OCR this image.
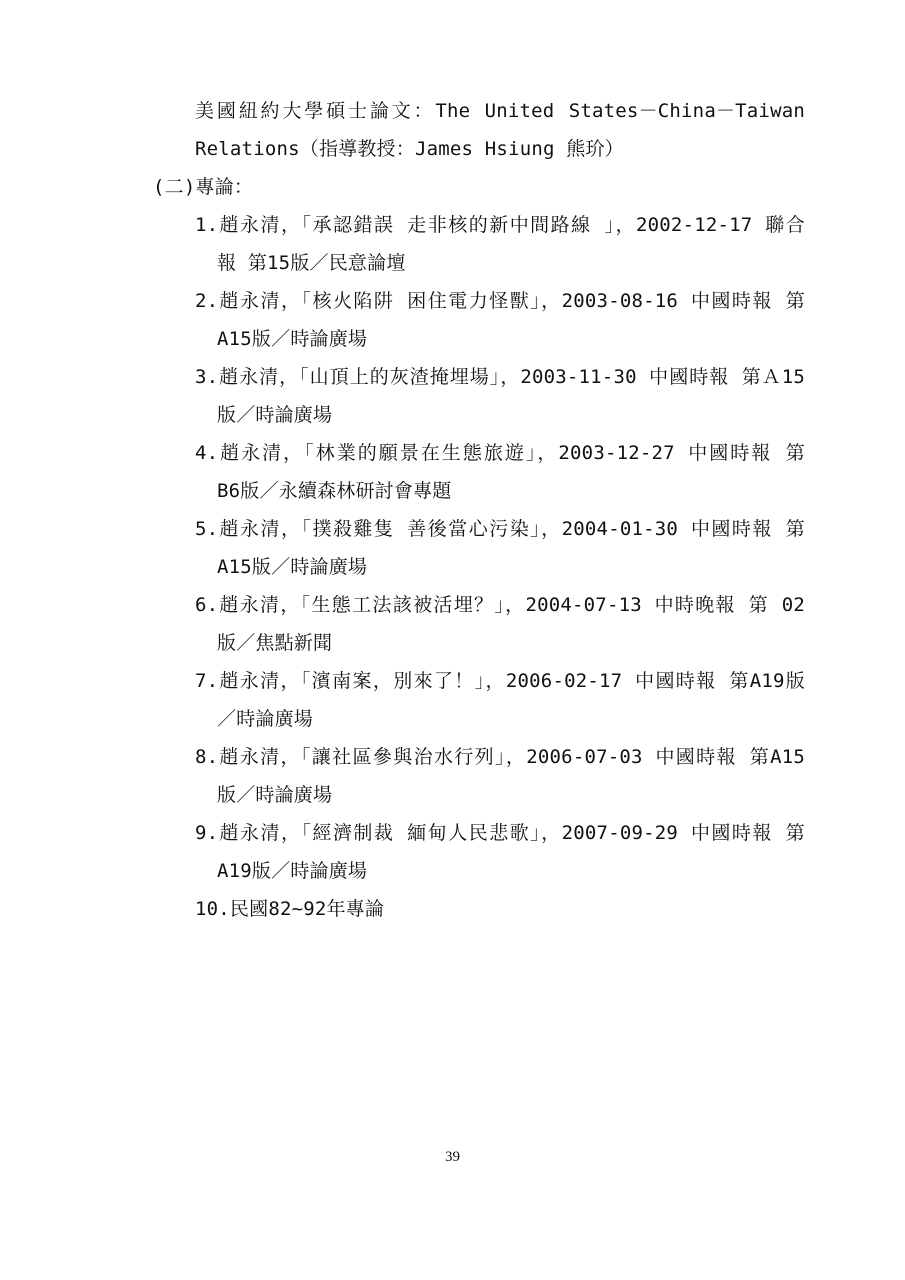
美國紐約大學碩士論文：The United States－China－Taiwan
Relations（指導教授：James Hsiung 熊玠）
(二)專論：
1.趙永清，「承認錯誤 走非核的新中間路線 」，2002-12-17 聯合
報 第15版／民意論壇
2.趙永清，「核火陷阱 困住電力怪獸」，2003-08-16 中國時報 第
A15版／時論廣場
3.趙永清，「山頂上的灰渣掩埋場」，2003-11-30 中國時報 第Ａ15
版／時論廣場
4.趙永清，「林業的願景在生態旅遊」，2003-12-27 中國時報 第
B6版／永續森林研討會專題
5.趙永清，「撲殺雞隻 善後當心污染」，2004-01-30 中國時報 第
A15版／時論廣場
6.趙永清，「生態工法該被活埋？」，2004-07-13 中時晚報 第 02
版／焦點新聞
7.趙永清，「濱南案，別來了！」，2006-02-17 中國時報 第A19版
／時論廣場
8.趙永清，「讓社區參與治水行列」，2006-07-03 中國時報 第A15
版／時論廣場
9.趙永清，「經濟制裁 緬甸人民悲歌」，2007-09-29 中國時報 第
A19版／時論廣場
10.民國82~92年專論
39
